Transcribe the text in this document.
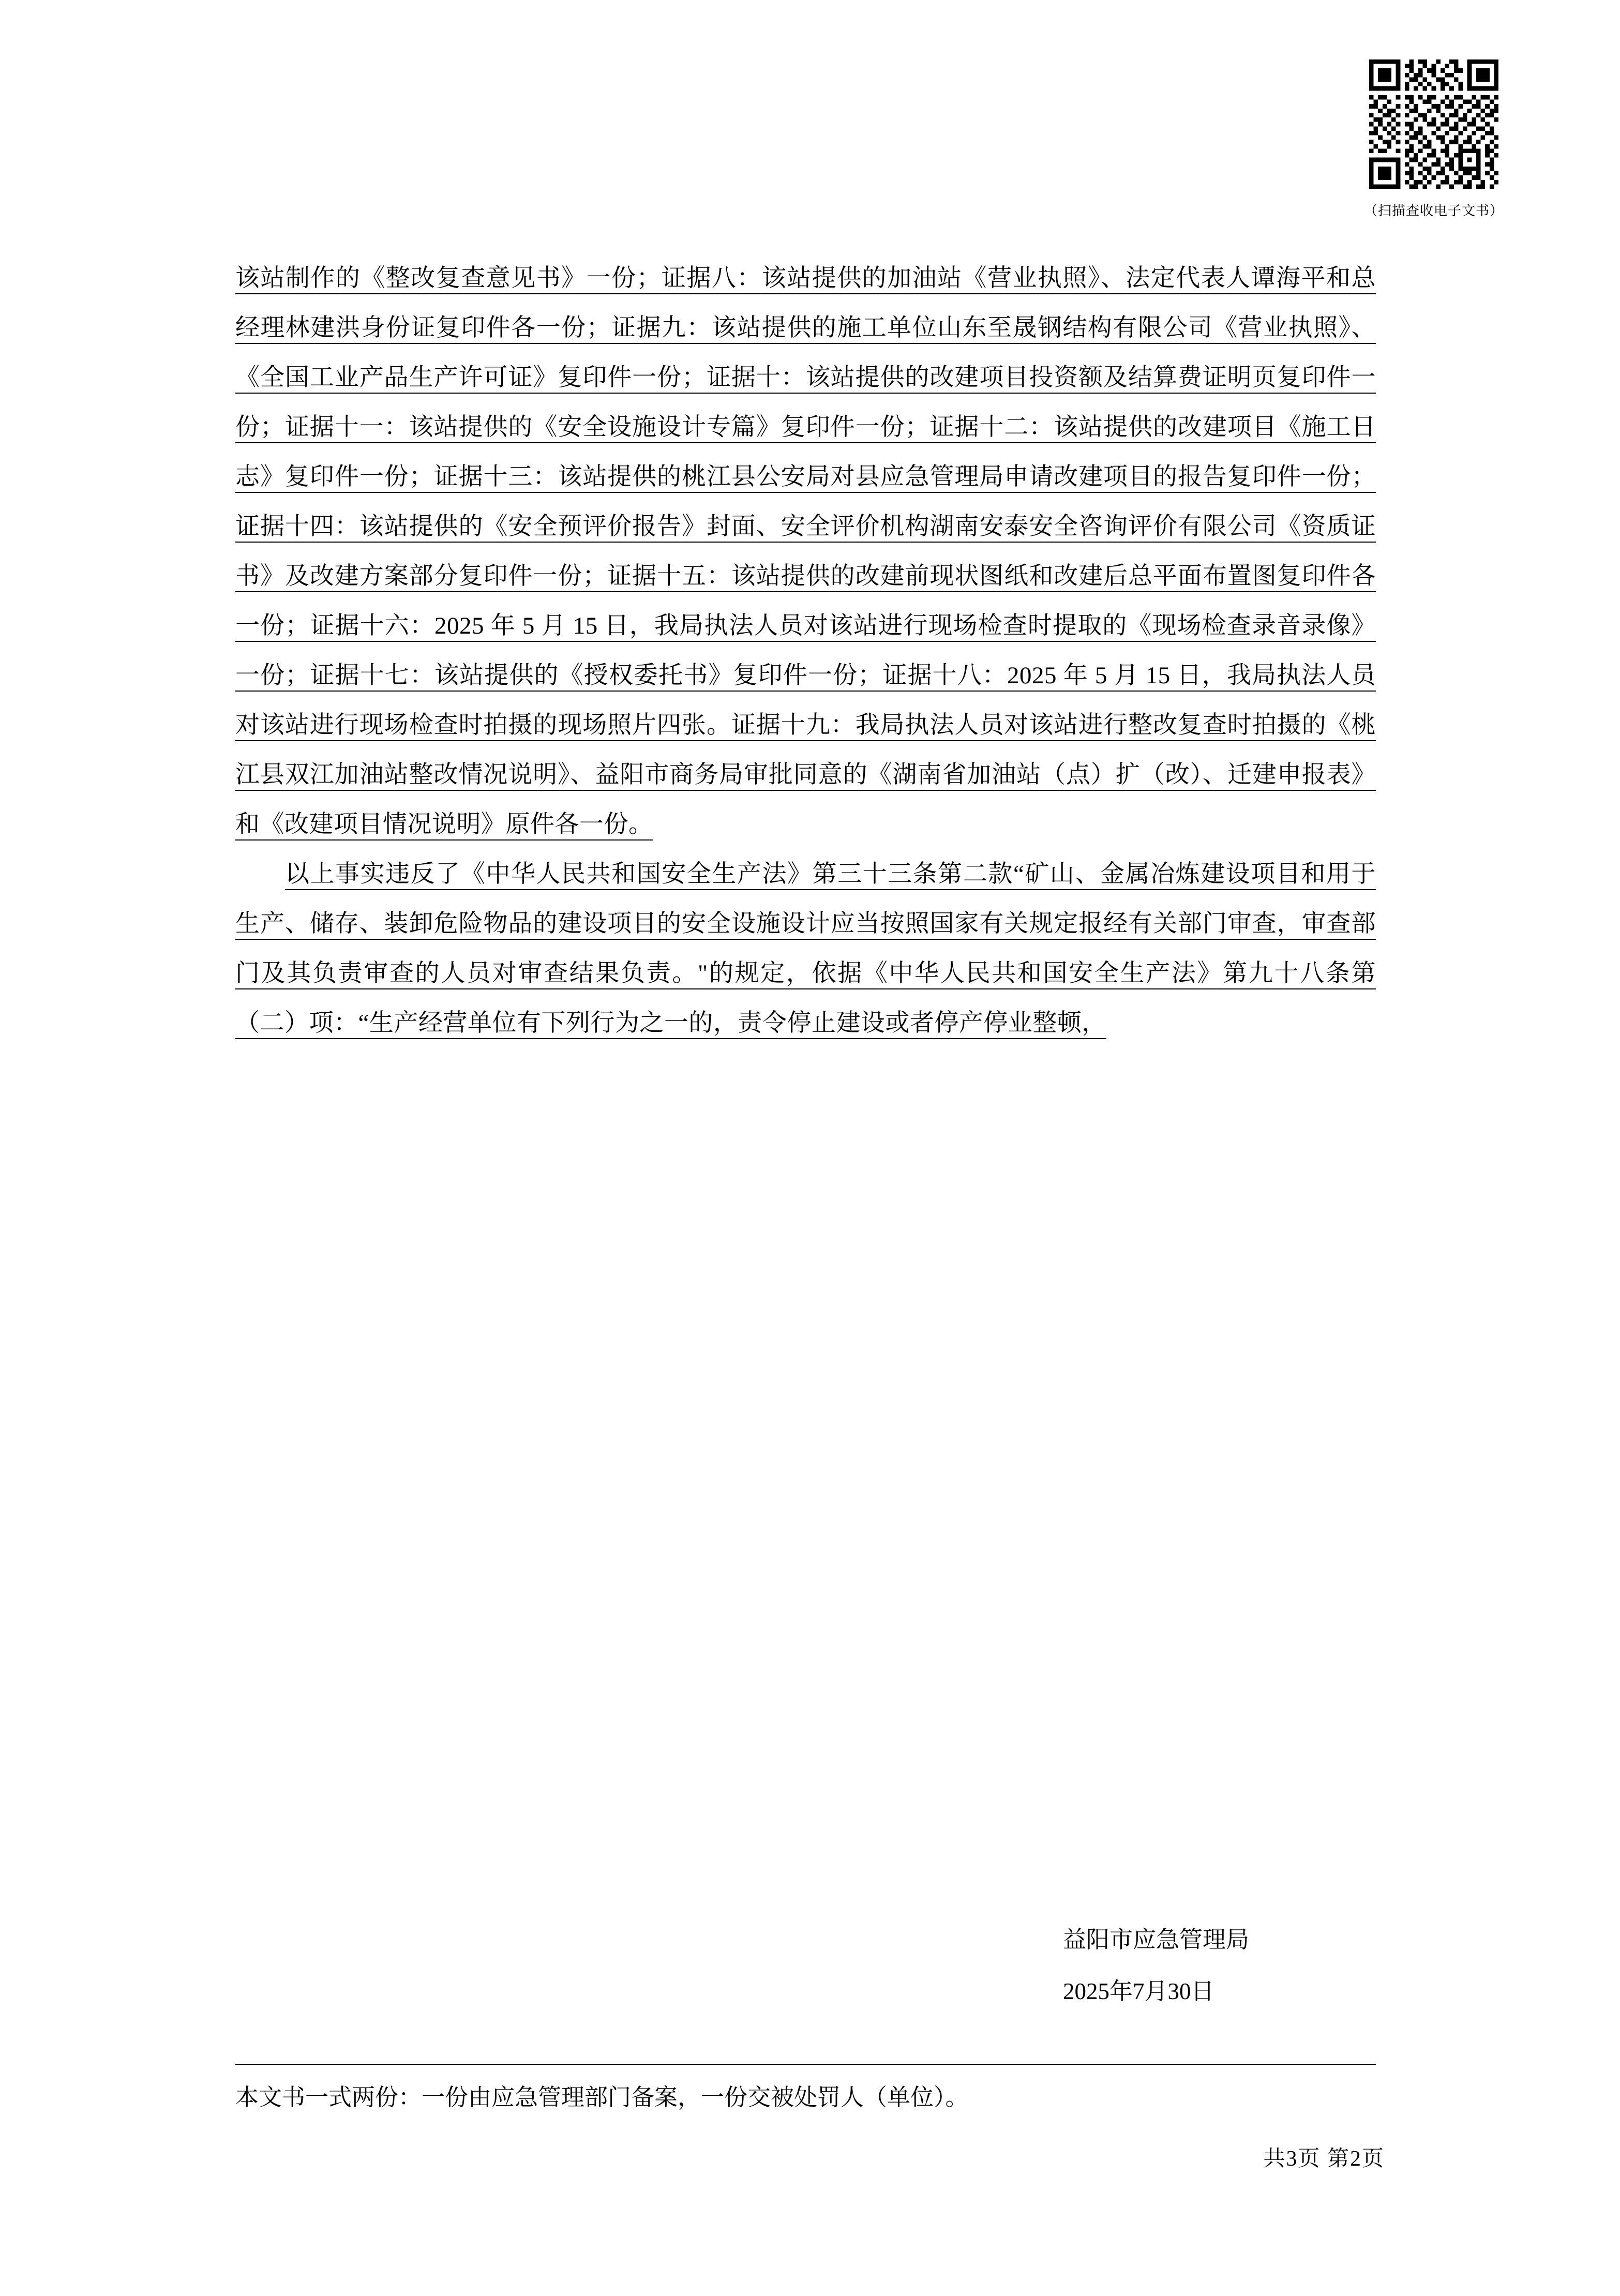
（扫描查收电子文书）

该站制作的《整改复查意见书》一份；证据八：该站提供的加油站《营业执照》、法定代表人谭海平和总经理林建洪身份证复印件各一份；证据九：该站提供的施工单位山东至晟钢结构有限公司《营业执照》、《全国工业产品生产许可证》复印件一份；证据十：该站提供的改建项目投资额及结算费证明页复印件一份；证据十一：该站提供的《安全设施设计专篇》复印件一份；证据十二：该站提供的改建项目《施工日志》复印件一份；证据十三：该站提供的桃江县公安局对县应急管理局申请改建项目的报告复印件一份；证据十四：该站提供的《安全预评价报告》封面、安全评价机构湖南安泰安全咨询评价有限公司《资质证书》及改建方案部分复印件一份；证据十五：该站提供的改建前现状图纸和改建后总平面布置图复印件各一份；证据十六：2025 年 5 月 15 日，我局执法人员对该站进行现场检查时提取的《现场检查录音录像》一份；证据十七：该站提供的《授权委托书》复印件一份；证据十八：2025 年 5 月 15 日，我局执法人员对该站进行现场检查时拍摄的现场照片四张。证据十九：我局执法人员对该站进行整改复查时拍摄的《桃江县双江加油站整改情况说明》、益阳市商务局审批同意的《湖南省加油站（点）扩（改）、迁建申报表》和《改建项目情况说明》原件各一份。

以上事实违反了《中华人民共和国安全生产法》第三十三条第二款“矿山、金属冶炼建设项目和用于生产、储存、装卸危险物品的建设项目的安全设施设计应当按照国家有关规定报经有关部门审查，审查部门及其负责审查的人员对审查结果负责。"的规定，依据《中华人民共和国安全生产法》第九十八条第（二）项：“生产经营单位有下列行为之一的，责令停止建设或者停产停业整顿，

益阳市应急管理局
2025年7月30日
本文书一式两份：一份由应急管理部门备案，一份交被处罚人（单位）。
共3页 第2页
